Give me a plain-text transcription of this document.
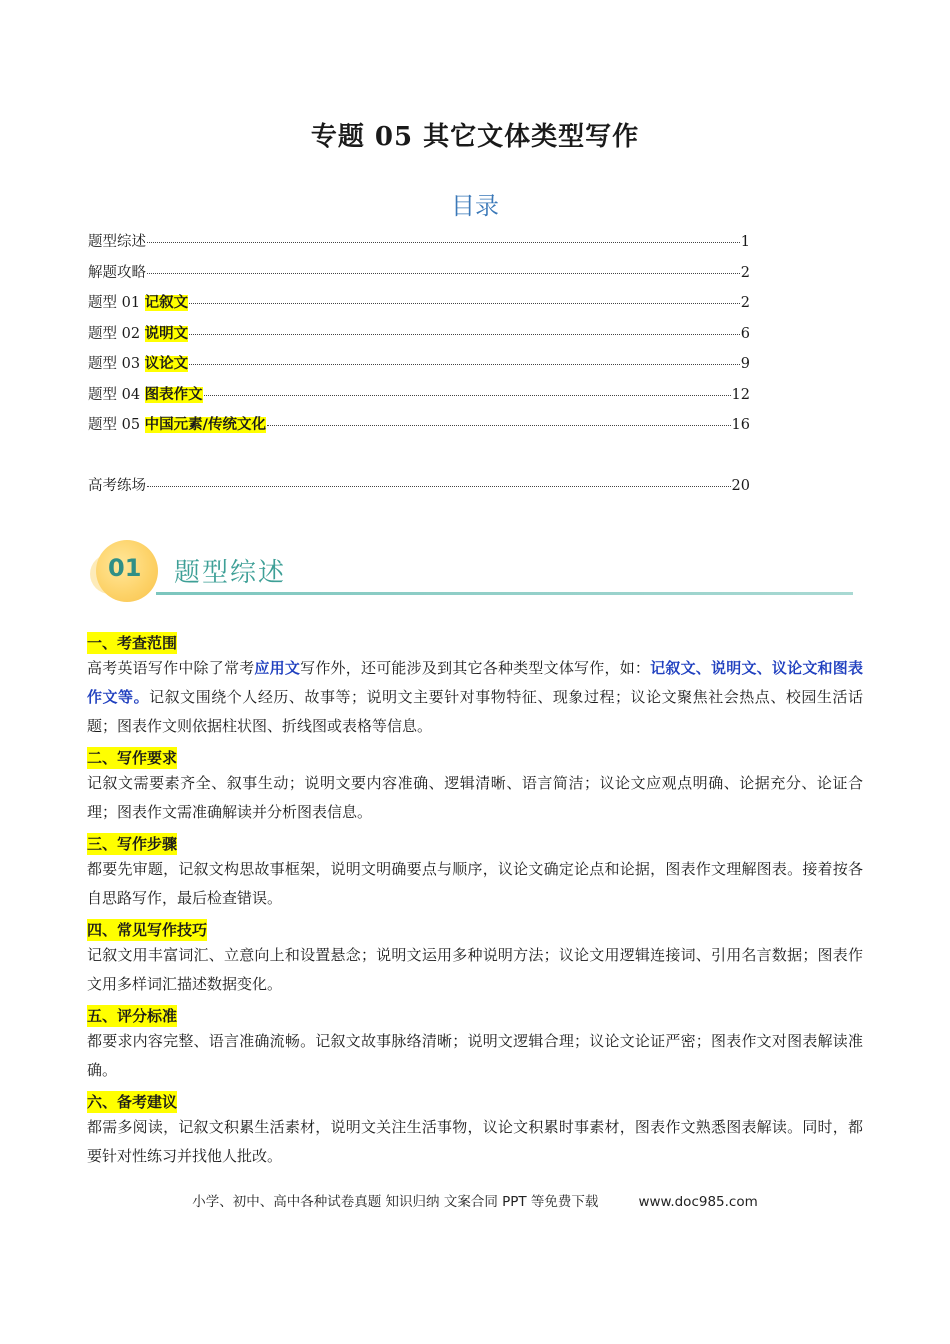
专题 05 其它文体类型写作
目录
题型综述	1
解题攻略	2
题型 01 记叙文	2
题型 02 说明文	6
题型 03 议论文	9
题型 04 图表作文	12
题型 05 中国元素/传统文化	16
高考练场	20
01 题型综述
一、考查范围

高考英语写作中除了常考应用文写作外，还可能涉及到其它各种类型文体写作，如：记叙文、说明文、议论文和图表作文等。记叙文围绕个人经历、故事等；说明文主要针对事物特征、现象过程；议论文聚焦社会热点、校园生活话题；图表作文则依据柱状图、折线图或表格等信息。

二、写作要求

记叙文需要素齐全、叙事生动；说明文要内容准确、逻辑清晰、语言简洁；议论文应观点明确、论据充分、论证合理；图表作文需准确解读并分析图表信息。

三、写作步骤

都要先审题，记叙文构思故事框架，说明文明确要点与顺序，议论文确定论点和论据，图表作文理解图表。接着按各自思路写作，最后检查错误。

四、常见写作技巧

记叙文用丰富词汇、立意向上和设置悬念；说明文运用多种说明方法；议论文用逻辑连接词、引用名言数据；图表作文用多样词汇描述数据变化。

五、评分标准

都要求内容完整、语言准确流畅。记叙文故事脉络清晰；说明文逻辑合理；议论文论证严密；图表作文对图表解读准确。

六、备考建议

都需多阅读，记叙文积累生活素材，说明文关注生活事物，议论文积累时事素材，图表作文熟悉图表解读。同时，都要针对性练习并找他人批改。

小学、初中、高中各种试卷真题 知识归纳 文案合同 PPT 等免费下载	www.doc985.com
